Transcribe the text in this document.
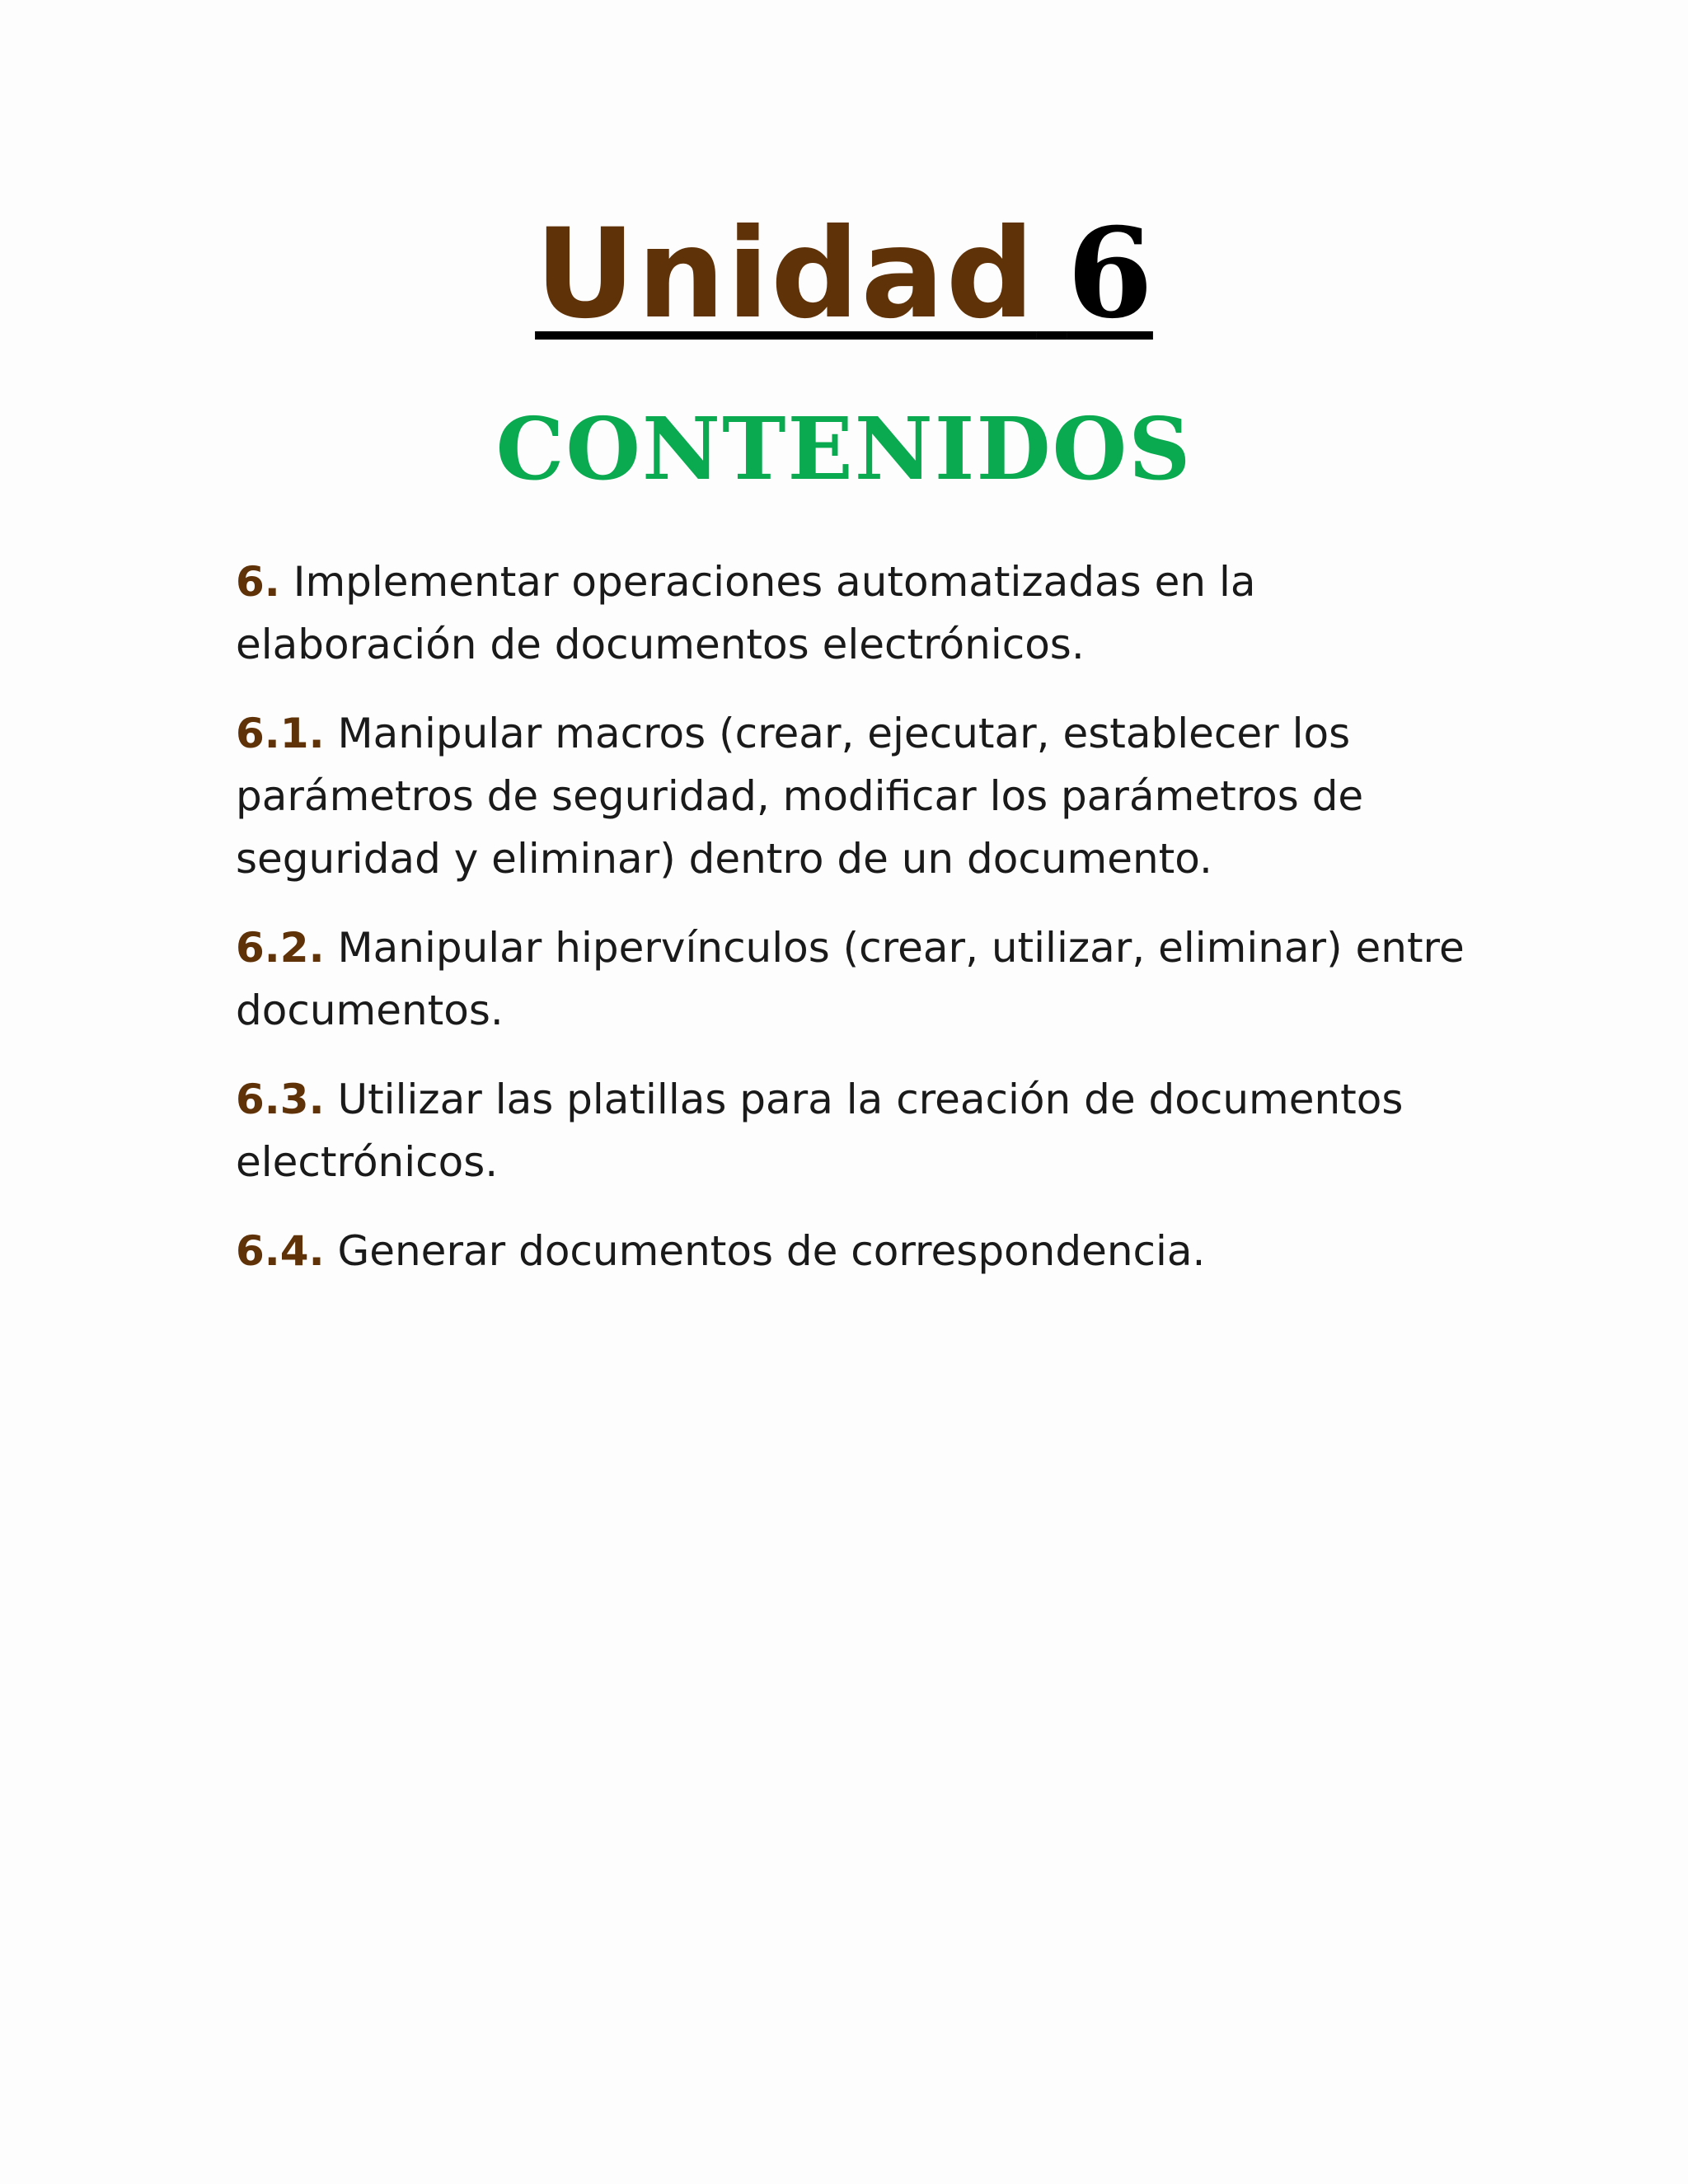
Unidad 6
CONTENIDOS

6. Implementar operaciones automatizadas en la elaboración de documentos electrónicos.

6.1. Manipular macros (crear, ejecutar, establecer los parámetros de seguridad, modificar los parámetros de seguridad y eliminar) dentro de un documento.

6.2. Manipular hipervínculos (crear, utilizar, eliminar) entre documentos.

6.3. Utilizar las platillas para la creación de documentos electrónicos.

6.4. Generar documentos de correspondencia.
